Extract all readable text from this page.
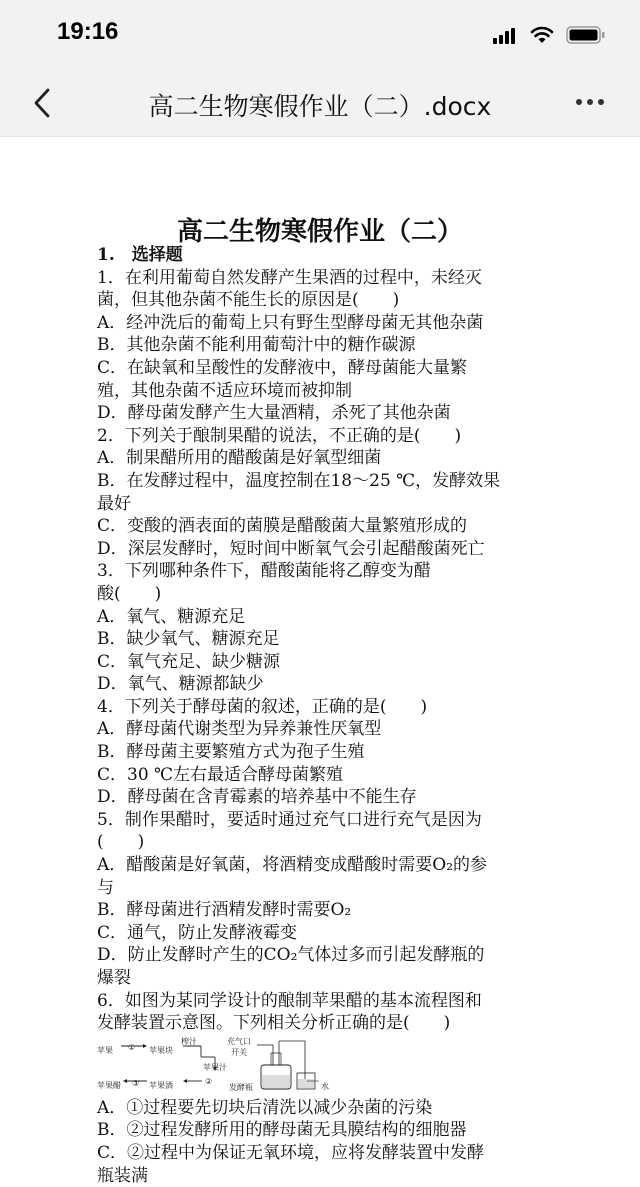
19:16
高二生物寒假作业（二）.docx
高二生物寒假作业（二）
1.　选择题
1．在利用葡萄自然发酵产生果酒的过程中，未经灭
菌，但其他杂菌不能生长的原因是(　　)
A．经冲洗后的葡萄上只有野生型酵母菌无其他杂菌
B．其他杂菌不能利用葡萄汁中的糖作碳源
C．在缺氧和呈酸性的发酵液中，酵母菌能大量繁
殖，其他杂菌不适应环境而被抑制
D．酵母菌发酵产生大量酒精，杀死了其他杂菌
2．下列关于酿制果醋的说法，不正确的是(　　)
A．制果醋所用的醋酸菌是好氧型细菌
B．在发酵过程中，温度控制在18～25 ℃，发酵效果
最好
C．变酸的酒表面的菌膜是醋酸菌大量繁殖形成的
D．深层发酵时，短时间中断氧气会引起醋酸菌死亡
3．下列哪种条件下，醋酸菌能将乙醇变为醋
酸(　　)
A．氧气、糖源充足
B．缺少氧气、糖源充足
C．氧气充足、缺少糖源
D．氧气、糖源都缺少
4．下列关于酵母菌的叙述，正确的是(　　)
A．酵母菌代谢类型为异养兼性厌氧型
B．酵母菌主要繁殖方式为孢子生殖
C．30 ℃左右最适合酵母菌繁殖
D．酵母菌在含青霉素的培养基中不能生存
5．制作果醋时，要适时通过充气口进行充气是因为
(　　)
A．醋酸菌是好氧菌，将酒精变成醋酸时需要O₂的参
与
B．酵母菌进行酒精发酵时需要O₂
C．通气，防止发酵液霉变
D．防止发酵时产生的CO₂气体过多而引起发酵瓶的
爆裂
6．如图为某同学设计的酿制苹果醋的基本流程图和
发酵装置示意图。下列相关分析正确的是(　　)
苹果 ① 苹果块
榨汁
苹果汁
②
苹果酒
③
苹果醋
充气口
开关
发酵瓶	水
A．①过程要先切块后清洗以减少杂菌的污染
B．②过程发酵所用的酵母菌无具膜结构的细胞器
C．②过程中为保证无氧环境，应将发酵装置中发酵
瓶装满
